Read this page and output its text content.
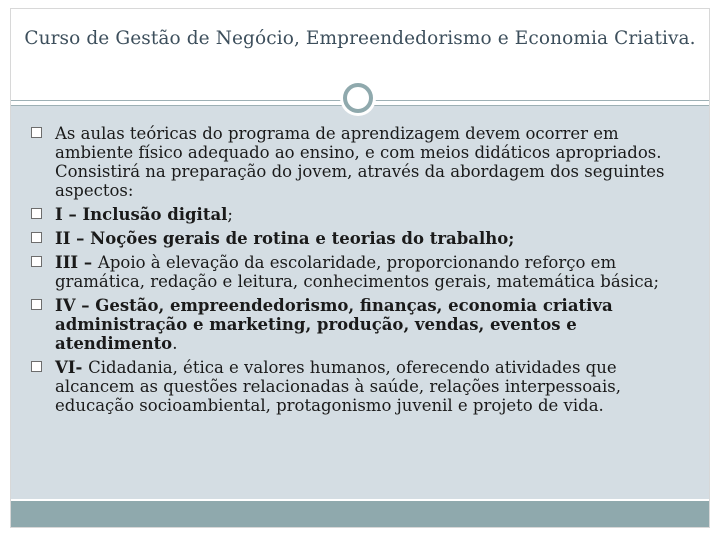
Curso de Gestão de Negócio, Empreendedorismo e Economia Criativa.
As aulas teóricas do programa de aprendizagem devem ocorrer em ambiente físico adequado ao ensino, e com meios didáticos apropriados. Consistirá na preparação do jovem, através da abordagem dos seguintes aspectos:
I – Inclusão digital;
II – Noções gerais de rotina e teorias do trabalho;
III – Apoio à elevação da escolaridade, proporcionando reforço em gramática, redação e leitura, conhecimentos gerais, matemática básica;
IV – Gestão, empreendedorismo, finanças, economia criativa administração e marketing, produção, vendas, eventos e atendimento.
VI- Cidadania, ética e valores humanos, oferecendo atividades que alcancem as questões relacionadas à saúde, relações interpessoais, educação socioambiental, protagonismo juvenil e projeto de vida.
